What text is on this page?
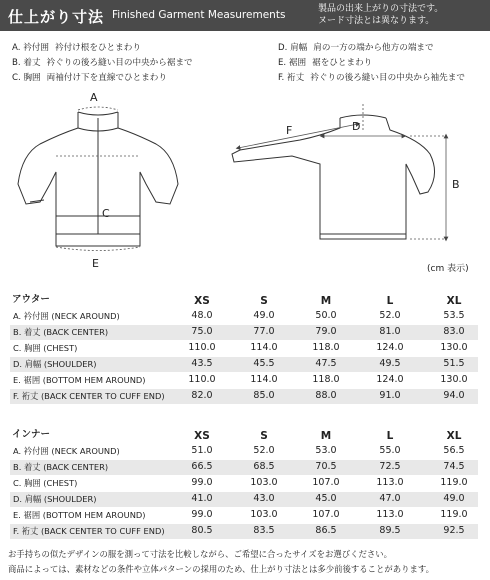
仕上がり寸法 Finished Garment Measurements	製品の出来上がりの寸法です。
ヌード寸法とは異なります。
A. 衿付囲 衿付け根をひとまわり
B. 着丈 衿ぐりの後ろ縫い目の中央から裾まで
C. 胸囲 両袖付け下を直線でひとまわり
D. 肩幅 肩の一方の端から他方の端まで
E. 裾囲 裾をひとまわり
F. 裄丈 衿ぐりの後ろ縫い目の中央から袖先まで
A
C
E
D
B
F
(cm 表示)
アウター	XS	S	M	L	XL
A. 衿付囲 (NECK AROUND)	48.0	49.0	50.0	52.0	53.5
B. 着丈 (BACK CENTER)	75.0	77.0	79.0	81.0	83.0
C. 胸囲 (CHEST)	110.0	114.0	118.0	124.0	130.0
D. 肩幅 (SHOULDER)	43.5	45.5	47.5	49.5	51.5
E. 裾囲 (BOTTOM HEM AROUND)	110.0	114.0	118.0	124.0	130.0
F. 裄丈 (BACK CENTER TO CUFF END)	82.0	85.0	88.0	91.0	94.0
インナー	XS	S	M	L	XL
A. 衿付囲 (NECK AROUND)	51.0	52.0	53.0	55.0	56.5
B. 着丈 (BACK CENTER)	66.5	68.5	70.5	72.5	74.5
C. 胸囲 (CHEST)	99.0	103.0	107.0	113.0	119.0
D. 肩幅 (SHOULDER)	41.0	43.0	45.0	47.0	49.0
E. 裾囲 (BOTTOM HEM AROUND)	99.0	103.0	107.0	113.0	119.0
F. 裄丈 (BACK CENTER TO CUFF END)	80.5	83.5	86.5	89.5	92.5
お手持ちの似たデザインの服を測って寸法を比較しながら、ご希望に合ったサイズをお選びください。
商品によっては、素材などの条件や立体パターンの採用のため、仕上がり寸法とは多少前後することがあります。
